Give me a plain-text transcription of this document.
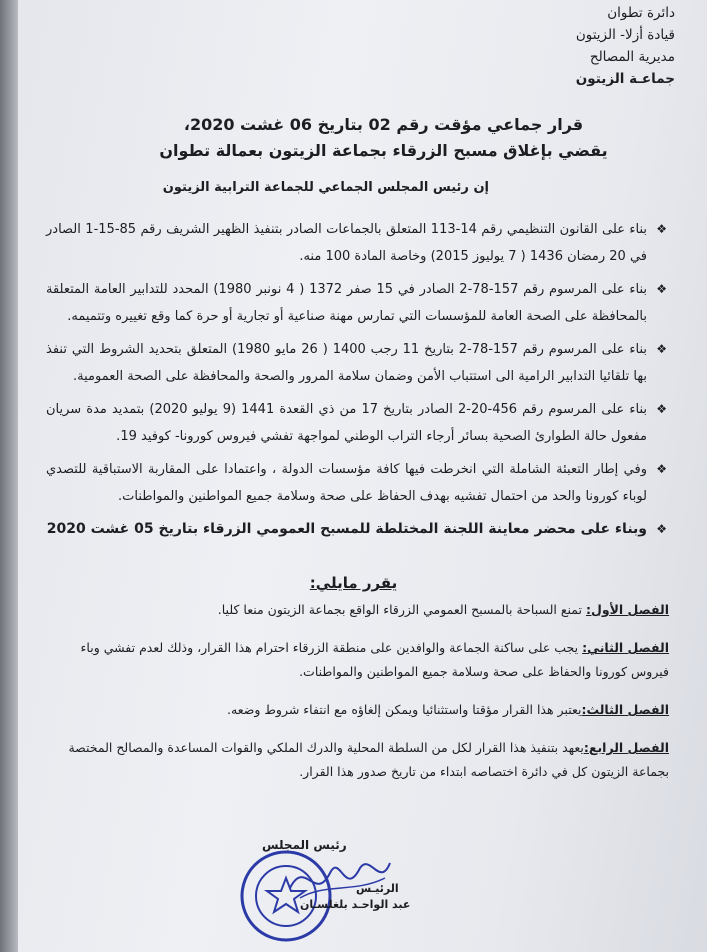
دائرة تطوان
قيادة أزلا- الزيتون
مديرية المصالح
جماعـة الزيتون
قرار جماعي مؤقت رقم 02 بتاريخ 06 غشت 2020،
يقضي بإغلاق مسبح الزرقاء بجماعة الزيتون بعمالة تطوان
إن رئيس المجلس الجماعي للجماعة الترابية الزيتون
❖
بناء على القانون التنظيمي رقم 14-113 المتعلق بالجماعات الصادر بتنفيذ الظهير الشريف رقم 85-15-1 الصادر في 20 رمضان 1436 ( 7 يوليوز 2015) وخاصة المادة 100 منه.
❖
بناء على المرسوم رقم 157-78-2 الصادر في 15 صفر 1372 ( 4 نونبر 1980) المحدد للتدابير العامة المتعلقة بالمحافظة على الصحة العامة للمؤسسات التي تمارس مهنة صناعية أو تجارية أو حرة كما وقع تغييره وتتميمه.
❖
بناء على المرسوم رقم 157-78-2 بتاريخ 11 رجب 1400 ( 26 مايو 1980) المتعلق بتحديد الشروط التي تنفذ بها تلقائيا التدابير الرامية الى استتباب الأمن وضمان سلامة المرور والصحة والمحافظة على الصحة العمومية.
❖
بناء على المرسوم رقم 456-20-2 الصادر بتاريخ 17 من ذي القعدة 1441 (9 يوليو 2020) بتمديد مدة سريان مفعول حالة الطوارئ الصحية بسائر أرجاء التراب الوطني لمواجهة تفشي فيروس كورونا- كوفيد 19.
❖
وفي إطار التعبئة الشاملة التي انخرطت فيها كافة مؤسسات الدولة ، واعتمادا على المقاربة الاستباقية للتصدي لوباء كورونا والحد من احتمال تفشيه بهدف الحفاظ على صحة وسلامة جميع المواطنين والمواطنات.
❖
وبناء على محضر معاينة اللجنة المختلطة للمسبح العمومي الزرقاء بتاريخ 05 غشت 2020
يقرر مايلي:
الفصل الأول: تمنع السباحة بالمسبح العمومي الزرقاء الواقع بجماعة الزيتون منعا كليا.
الفصل الثاني: يجب على ساكنة الجماعة والوافدين على منطقة الزرقاء احترام هذا القرار، وذلك لعدم تفشي وباء فيروس كورونا والحفاظ على صحة وسلامة جميع المواطنين والمواطنات.
الفصل الثالث:يعتبر هذا القرار مؤقتا واستثنائيا ويمكن إلغاؤه مع انتفاء شروط وضعه.
الفصل الرابع:يعهد بتنفيذ هذا القرار لكل من السلطة المحلية والدرك الملكي والقوات المساعدة والمصالح المختصة بجماعة الزيتون كل في دائرة اختصاصه ابتداء من تاريخ صدور هذا القرار.
رئيس المجلس
الرئيـس
عبد الواحـد بلغلسـان
